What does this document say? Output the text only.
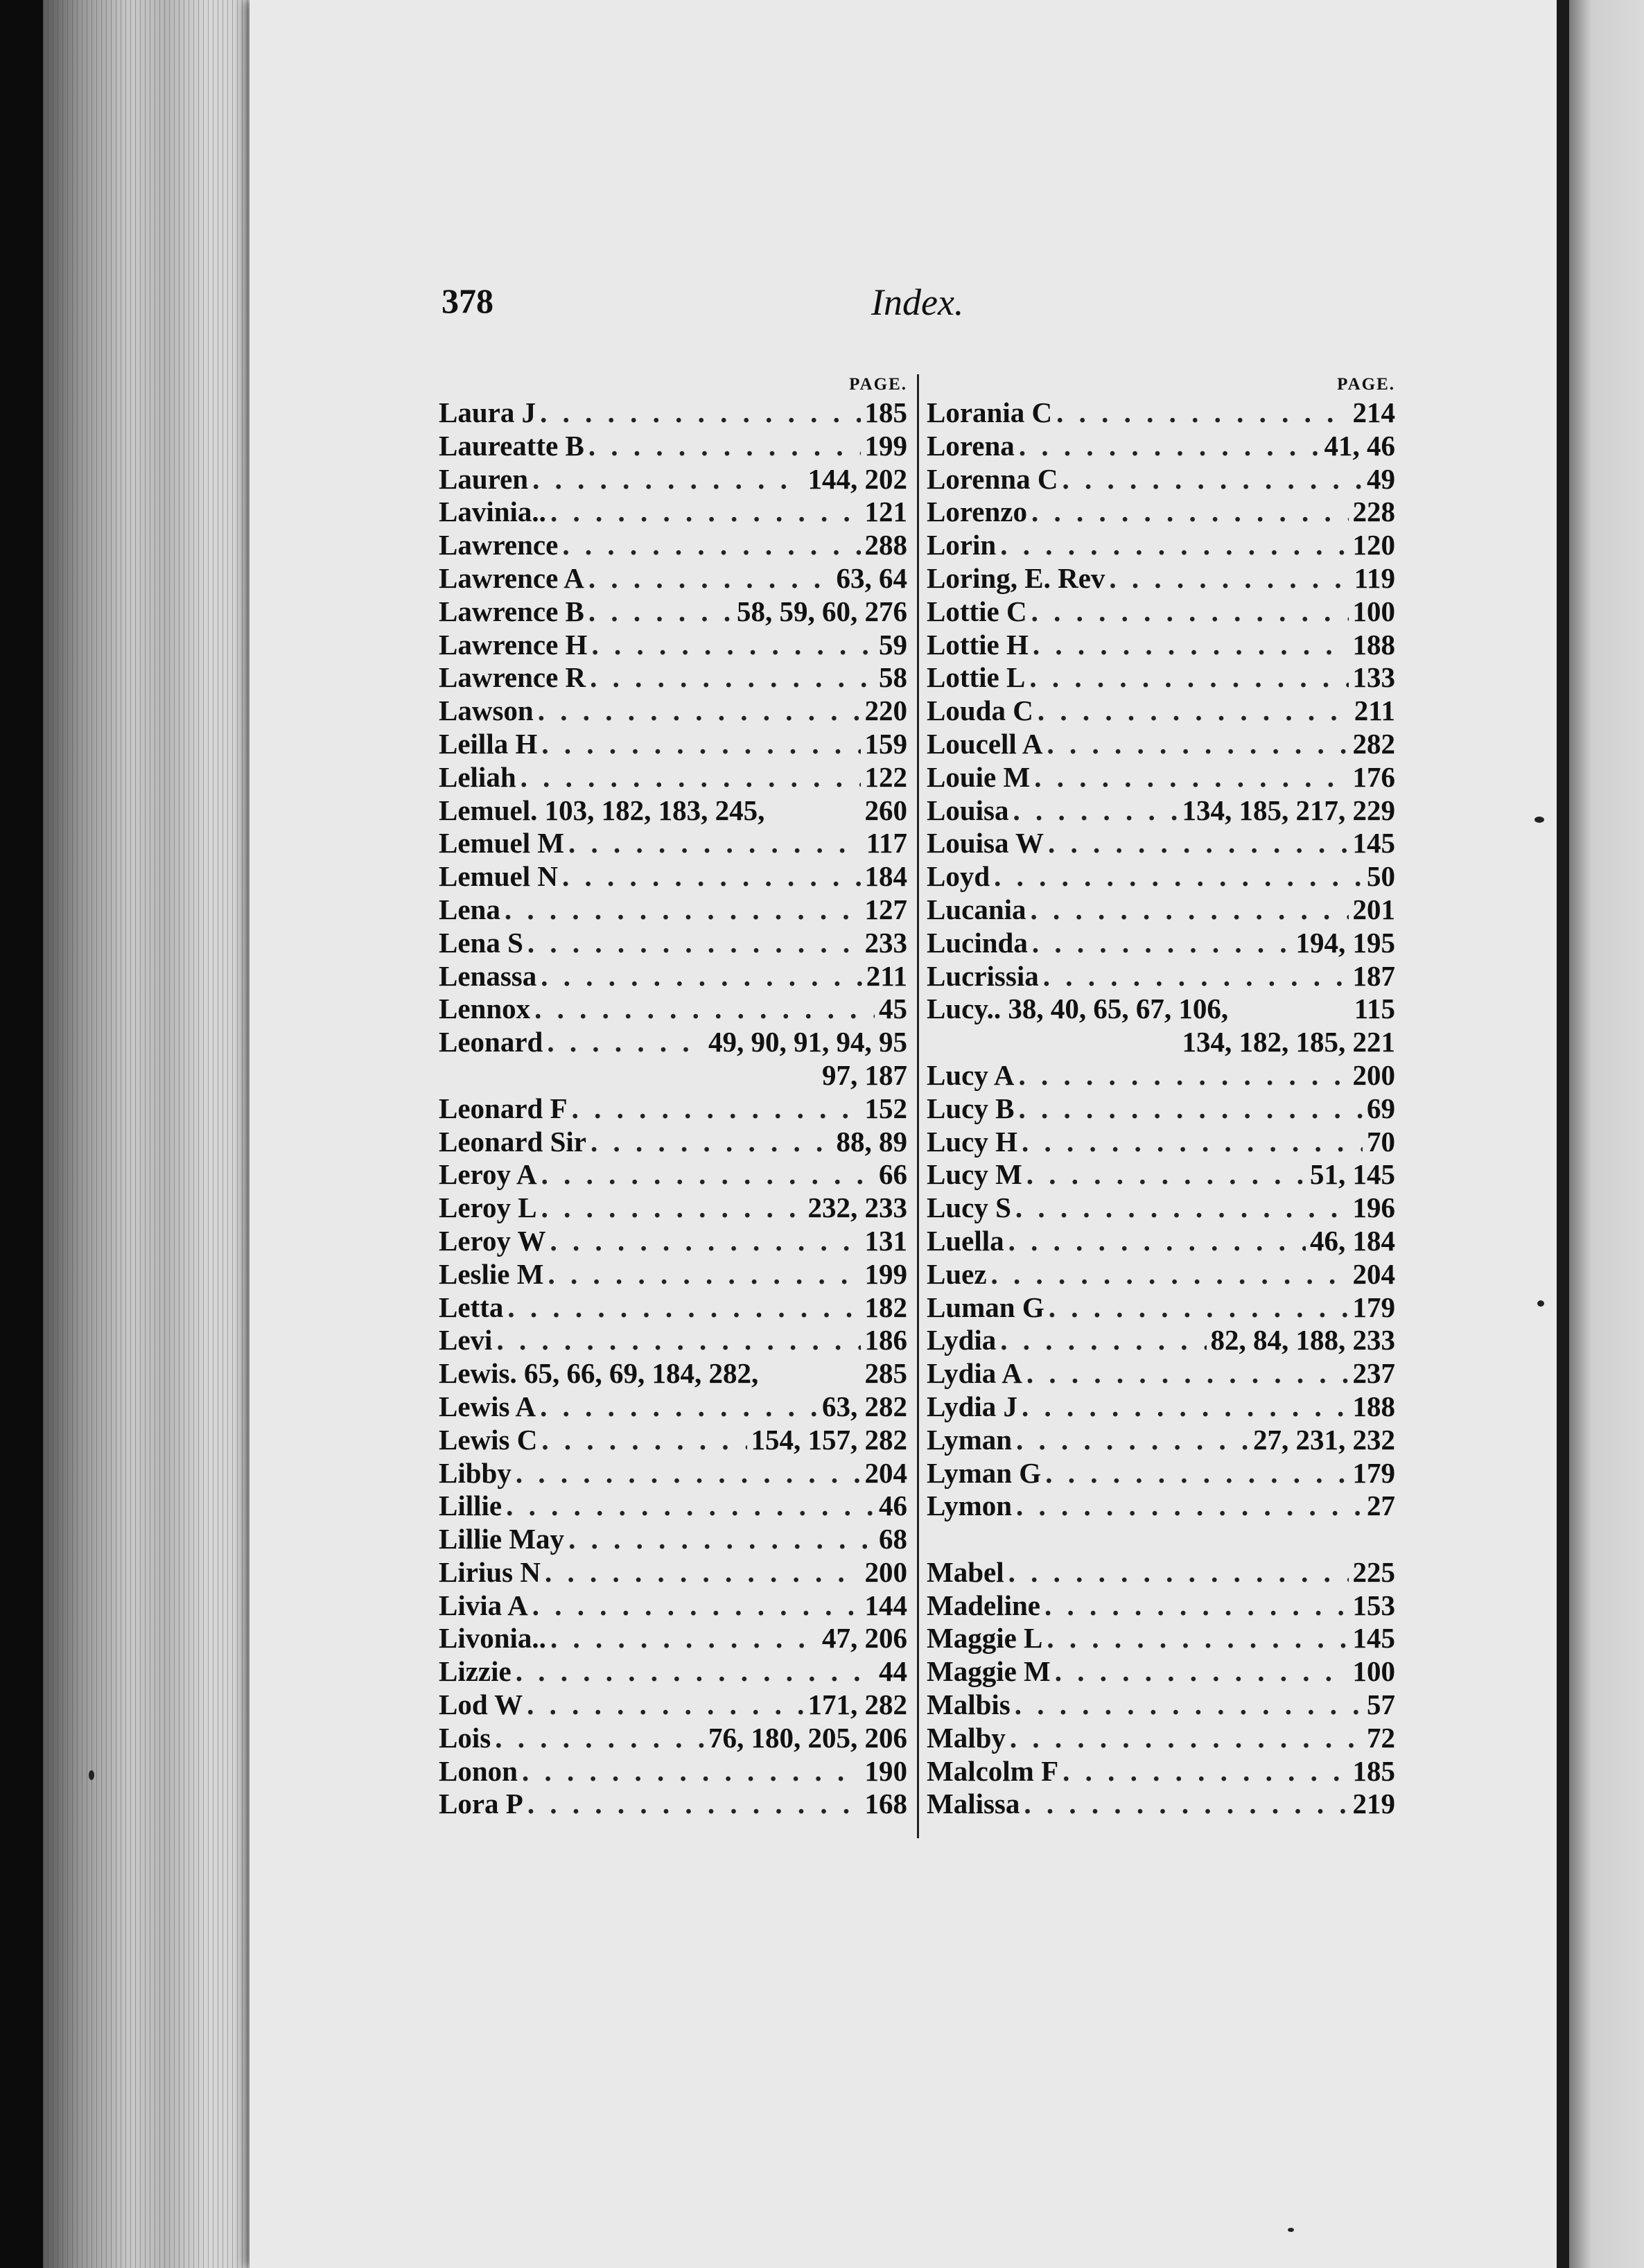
378	Index.
PAGE.
Laura J . . .	185
Laureatte B . . .	199
Lauren . . .	144, 202
Lavinia.. . . .	121
Lawrence . . .	288
Lawrence A . . .	63, 64
Lawrence B . . .	58, 59, 60, 276
Lawrence H . . .	59
Lawrence R . . .	58
Lawson . . .	220
Leilla H . . .	159
Leliah . . .	122
Lemuel. 103, 182, 183, 245,	260
Lemuel M . . .	117
Lemuel N . . .	184
Lena . . .	127
Lena S . . .	233
Lenassa . . .	211
Lennox . . .	45
Leonard . . .	49, 90, 91, 94, 95
97, 187
Leonard F . . .	152
Leonard Sir . . .	88, 89
Leroy A . . .	66
Leroy L . . .	232, 233
Leroy W . . .	131
Leslie M . . .	199
Letta . . .	182
Levi . . .	186
Lewis. 65, 66, 69, 184, 282,	285
Lewis A . . .	63, 282
Lewis C . . .	154, 157, 282
Libby . . .	204
Lillie . . .	46
Lillie May . . .	68
Lirius N . . .	200
Livia A . . .	144
Livonia.. . . .	47, 206
Lizzie . . .	44
Lod W . . .	171, 282
Lois . . .	76, 180, 205, 206
Lonon . . .	190
Lora P . . .	168
PAGE.
Lorania C . . .	214
Lorena . . .	41, 46
Lorenna C . . .	49
Lorenzo . . .	228
Lorin . . .	120
Loring, E. Rev . . .	119
Lottie C . . .	100
Lottie H . . .	188
Lottie L . . .	133
Louda C . . .	211
Loucell A . . .	282
Louie M . . .	176
Louisa . . .	134, 185, 217, 229
Louisa W . . .	145
Loyd . . .	50
Lucania . . .	201
Lucinda . . .	194, 195
Lucrissia . . .	187
Lucy.. 38, 40, 65, 67, 106,	115
134, 182, 185, 221
Lucy A . . .	200
Lucy B . . .	69
Lucy H . . .	70
Lucy M . . .	51, 145
Lucy S . . .	196
Luella . . .	46, 184
Luez . . .	204
Luman G . . .	179
Lydia . . .	82, 84, 188, 233
Lydia A . . .	237
Lydia J . . .	188
Lyman . . .	27, 231, 232
Lyman G . . .	179
Lymon . . .	27
Mabel . . .	225
Madeline . . .	153
Maggie L . . .	145
Maggie M . . .	100
Malbis . . .	57
Malby . . .	72
Malcolm F . . .	185
Malissa . . .	219
